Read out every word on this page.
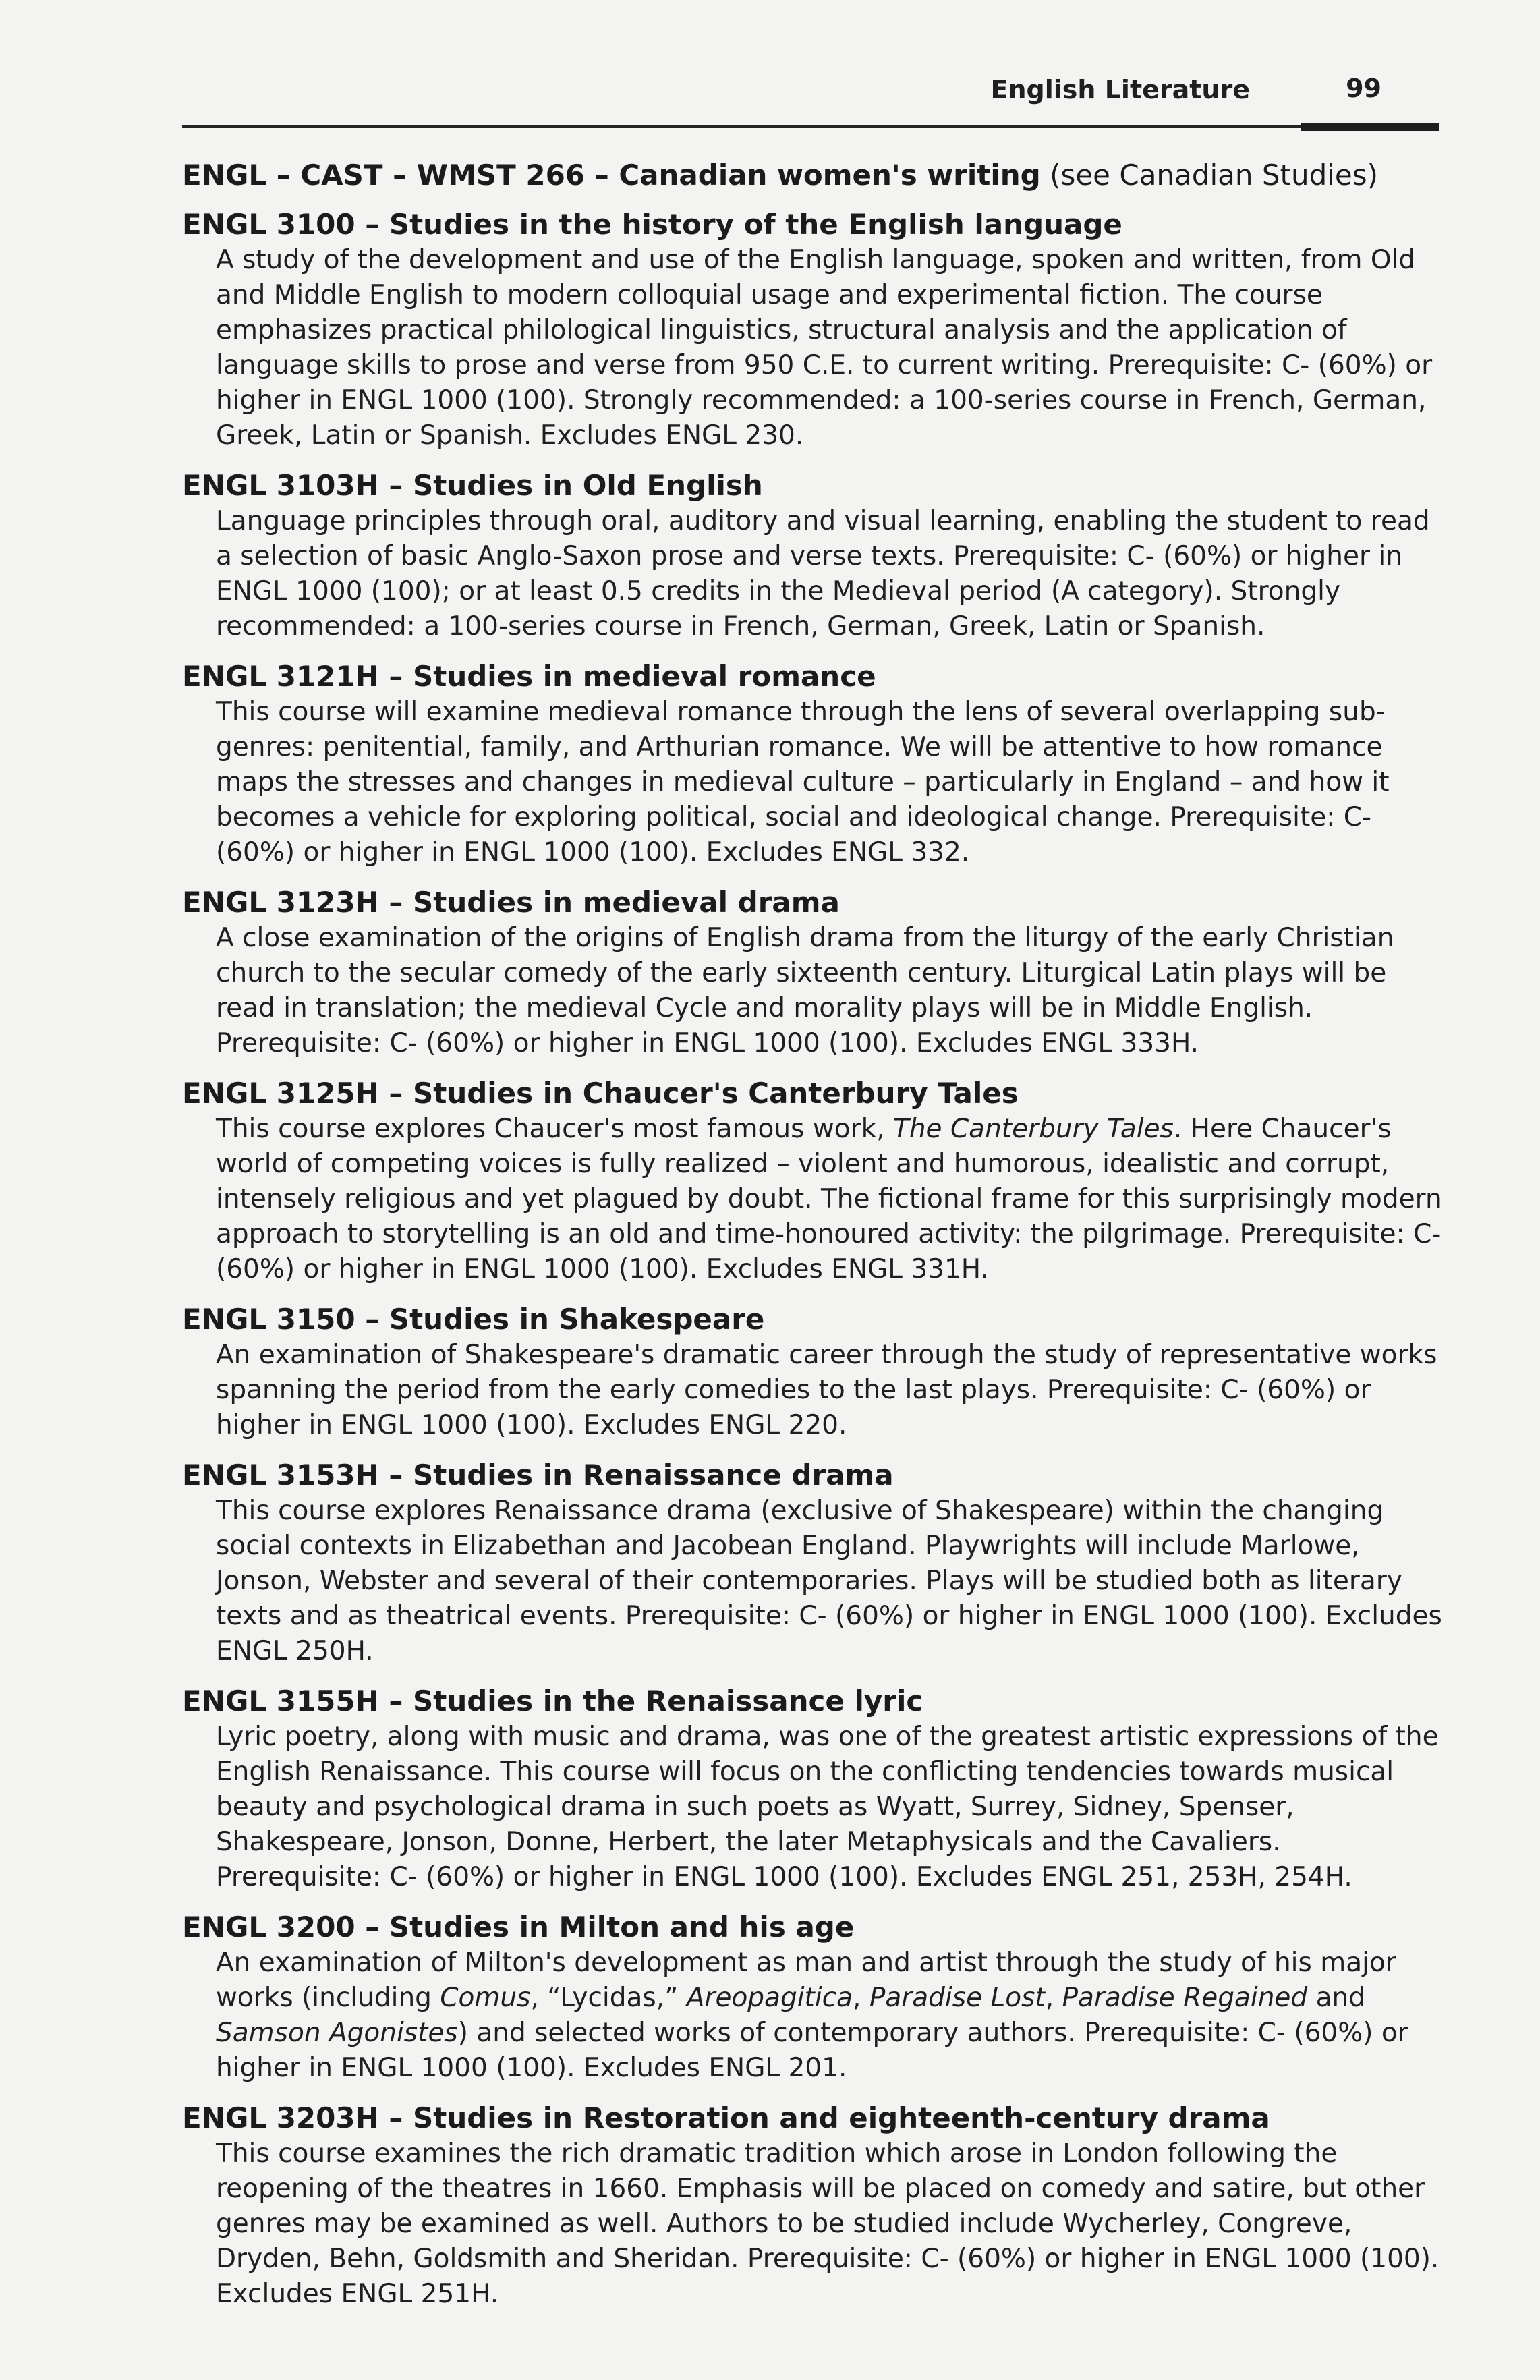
English Literature	99
ENGL – CAST – WMST 266 – Canadian women's writing (see Canadian Studies)
ENGL 3100 – Studies in the history of the English language

A study of the development and use of the English language, spoken and written, from Old and Middle English to modern colloquial usage and experimental fiction. The course emphasizes practical philological linguistics, structural analysis and the application of language skills to prose and verse from 950 C.E. to current writing. Prerequisite: C- (60%) or higher in ENGL 1000 (100). Strongly recommended: a 100-series course in French, German, Greek, Latin or Spanish. Excludes ENGL 230.

ENGL 3103H – Studies in Old English

Language principles through oral, auditory and visual learning, enabling the student to read a selection of basic Anglo-Saxon prose and verse texts. Prerequisite: C- (60%) or higher in ENGL 1000 (100); or at least 0.5 credits in the Medieval period (A category). Strongly recommended: a 100-series course in French, German, Greek, Latin or Spanish.

ENGL 3121H – Studies in medieval romance

This course will examine medieval romance through the lens of several overlapping sub-genres: penitential, family, and Arthurian romance. We will be attentive to how romance maps the stresses and changes in medieval culture – particularly in England – and how it becomes a vehicle for exploring political, social and ideological change. Prerequisite: C- (60%) or higher in ENGL 1000 (100). Excludes ENGL 332.

ENGL 3123H – Studies in medieval drama

A close examination of the origins of English drama from the liturgy of the early Christian church to the secular comedy of the early sixteenth century. Liturgical Latin plays will be read in translation; the medieval Cycle and morality plays will be in Middle English. Prerequisite: C- (60%) or higher in ENGL 1000 (100). Excludes ENGL 333H.

ENGL 3125H – Studies in Chaucer's Canterbury Tales

This course explores Chaucer's most famous work, The Canterbury Tales. Here Chaucer's world of competing voices is fully realized – violent and humorous, idealistic and corrupt, intensely religious and yet plagued by doubt. The fictional frame for this surprisingly modern approach to storytelling is an old and time-honoured activity: the pilgrimage. Prerequisite: C- (60%) or higher in ENGL 1000 (100). Excludes ENGL 331H.

ENGL 3150 – Studies in Shakespeare

An examination of Shakespeare's dramatic career through the study of representative works spanning the period from the early comedies to the last plays. Prerequisite: C- (60%) or higher in ENGL 1000 (100). Excludes ENGL 220.

ENGL 3153H – Studies in Renaissance drama

This course explores Renaissance drama (exclusive of Shakespeare) within the changing social contexts in Elizabethan and Jacobean England. Playwrights will include Marlowe, Jonson, Webster and several of their contemporaries. Plays will be studied both as literary texts and as theatrical events. Prerequisite: C- (60%) or higher in ENGL 1000 (100). Excludes ENGL 250H.

ENGL 3155H – Studies in the Renaissance lyric

Lyric poetry, along with music and drama, was one of the greatest artistic expressions of the English Renaissance. This course will focus on the conflicting tendencies towards musical beauty and psychological drama in such poets as Wyatt, Surrey, Sidney, Spenser, Shakespeare, Jonson, Donne, Herbert, the later Metaphysicals and the Cavaliers. Prerequisite: C- (60%) or higher in ENGL 1000 (100). Excludes ENGL 251, 253H, 254H.

ENGL 3200 – Studies in Milton and his age

An examination of Milton's development as man and artist through the study of his major works (including Comus, “Lycidas,” Areopagitica, Paradise Lost, Paradise Regained and Samson Agonistes) and selected works of contemporary authors. Prerequisite: C- (60%) or higher in ENGL 1000 (100). Excludes ENGL 201.

ENGL 3203H – Studies in Restoration and eighteenth-century drama

This course examines the rich dramatic tradition which arose in London following the reopening of the theatres in 1660. Emphasis will be placed on comedy and satire, but other genres may be examined as well. Authors to be studied include Wycherley, Congreve, Dryden, Behn, Goldsmith and Sheridan. Prerequisite: C- (60%) or higher in ENGL 1000 (100). Excludes ENGL 251H.
